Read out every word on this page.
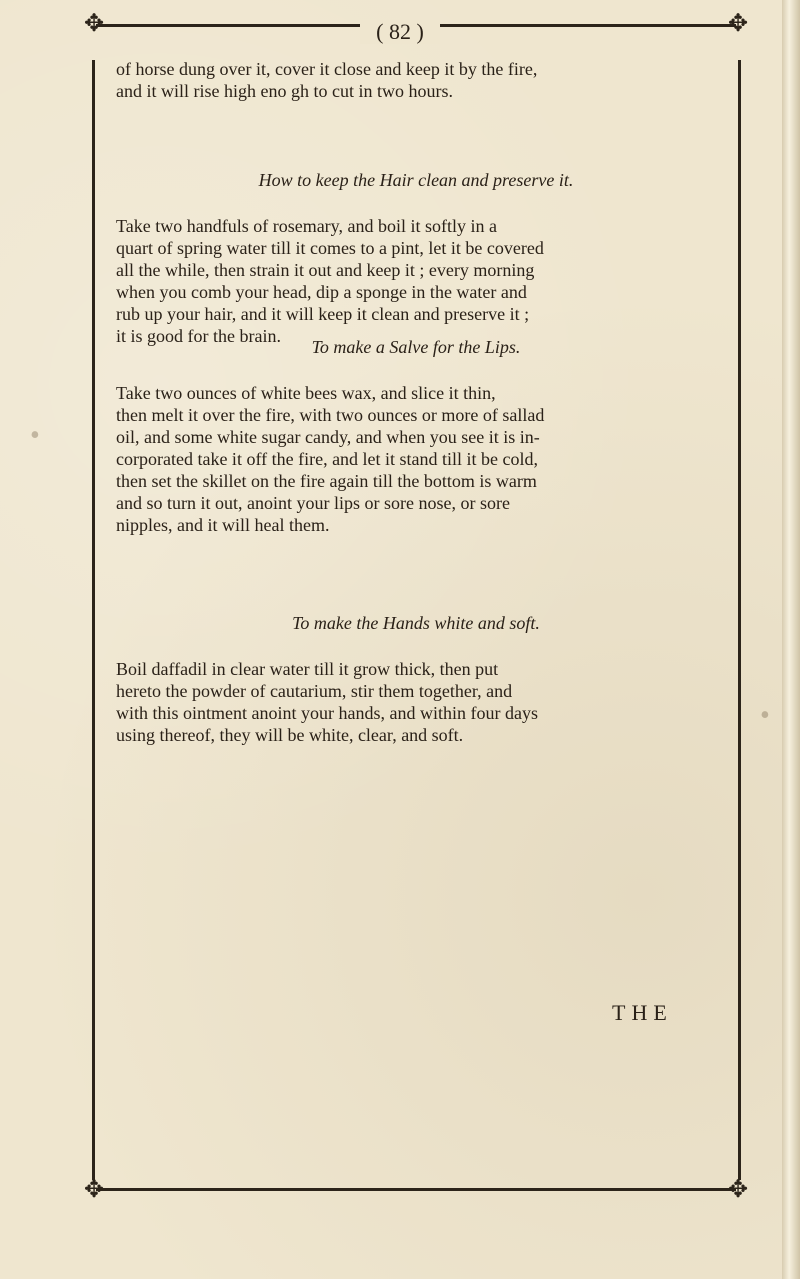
✥	✥
✥	✥
( 82 )
of horse dung over it, cover it close and keep it by the fire,
and it will rise high eno gh to cut in two hours.

How to keep the Hair clean and preserve it.

Take two handfuls of rosemary, and boil it softly in a
quart of spring water till it comes to a pint, let it be covered
all the while, then strain it out and keep it ; every morning
when you comb your head, dip a sponge in the water and
rub up your hair, and it will keep it clean and preserve it ;
it is good for the brain.

To make a Salve for the Lips.

Take two ounces of white bees wax, and slice it thin,
then melt it over the fire, with two ounces or more of sallad
oil, and some white sugar candy, and when you see it is in-
corporated take it off the fire, and let it stand till it be cold,
then set the skillet on the fire again till the bottom is warm
and so turn it out, anoint your lips or sore nose, or sore
nipples, and it will heal them.

To make the Hands white and soft.

Boil daffadil in clear water till it grow thick, then put
hereto the powder of cautarium, stir them together, and
with this ointment anoint your hands, and within four days
using thereof, they will be white, clear, and soft.

THE
•
•
